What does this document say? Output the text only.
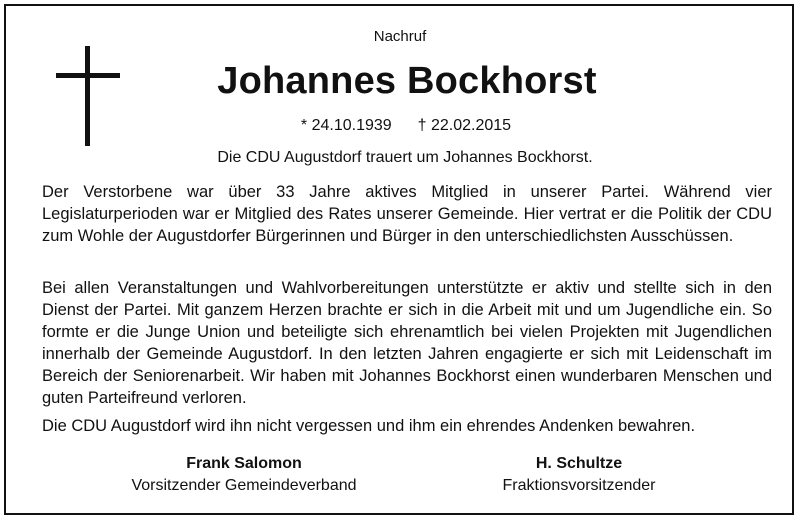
Nachruf
Johannes Bockhorst
* 24.10.1939 † 22.02.2015
Die CDU Augustdorf trauert um Johannes Bockhorst.

Der Verstorbene war über 33 Jahre aktives Mitglied in unserer Partei. Während vier Legislaturperioden war er Mitglied des Rates unserer Gemeinde. Hier vertrat er die Politik der CDU zum Wohle der Augustdorfer Bürgerinnen und Bürger in den unterschiedlichsten Ausschüssen.

Bei allen Veranstaltungen und Wahlvorbereitungen unterstützte er aktiv und stellte sich in den Dienst der Partei. Mit ganzem Herzen brachte er sich in die Arbeit mit und um Jugendliche ein. So formte er die Junge Union und beteiligte sich ehrenamtlich bei vielen Projekten mit Jugendlichen innerhalb der Gemeinde Augustdorf. In den letzten Jahren engagierte er sich mit Leidenschaft im Bereich der Seniorenarbeit. Wir haben mit Johannes Bockhorst einen wunderbaren Menschen und guten Parteifreund verloren.

Die CDU Augustdorf wird ihn nicht vergessen und ihm ein ehrendes Andenken bewahren.

Frank Salomon
Vorsitzender Gemeindeverband
H. Schultze
Fraktionsvorsitzender
